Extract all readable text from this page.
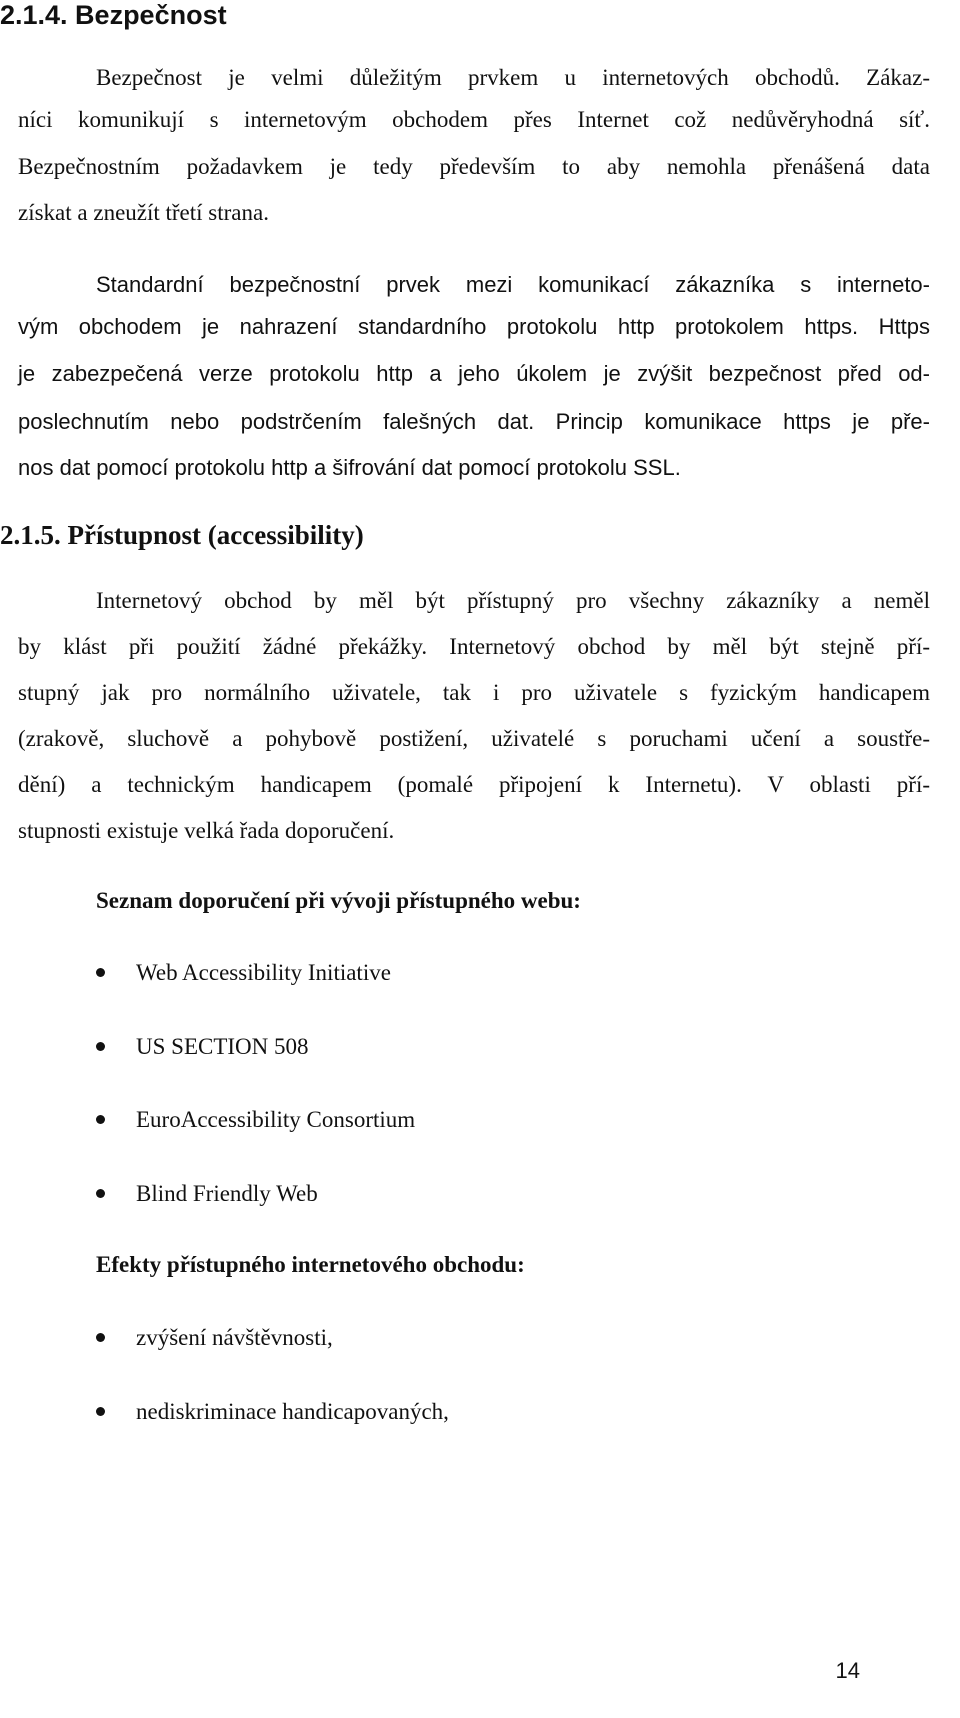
2.1.4. Bezpečnost
Bezpečnost je velmi důležitým prvkem u internetových obchodů. Zákaz-
níci komunikují s internetovým obchodem přes Internet což nedůvěryhodná síť.
Bezpečnostním požadavkem je tedy především to aby nemohla přenášená data
získat a zneužít třetí strana.
Standardní bezpečnostní prvek mezi komunikací zákazníka s internetо-
vým obchodem je nahrazení standardního protokolu http protokolem https. Https
je zabezpečená verze protokolu http a jeho úkolem je zvýšit bezpečnost před od-
poslechnutím nebo podstrčením falešných dat. Princip komunikace https je pře-
nos dat pomocí protokolu http a šifrování dat pomocí protokolu SSL.
2.1.5. Přístupnost (accessibility)
Internetový obchod by měl být přístupný pro všechny zákazníky a neměl
by klást při použití žádné překážky. Internetový obchod by měl být stejně pří-
stupný jak pro normálního uživatele, tak i pro uživatele s fyzickým handicapem
(zrakově, sluchově a pohybově postižení, uživatelé s poruchami učení a soustře-
dění) a technickým handicapem (pomalé připojení k Internetu). V oblasti pří-
stupnosti existuje velká řada doporučení.
Seznam doporučení při vývoji přístupného webu:
Web Accessibility Initiative
US SECTION 508
EuroAccessibility Consortium
Blind Friendly Web
Efekty přístupného internetového obchodu:
zvýšení návštěvnosti,
nediskriminace handicapovaných,
14
